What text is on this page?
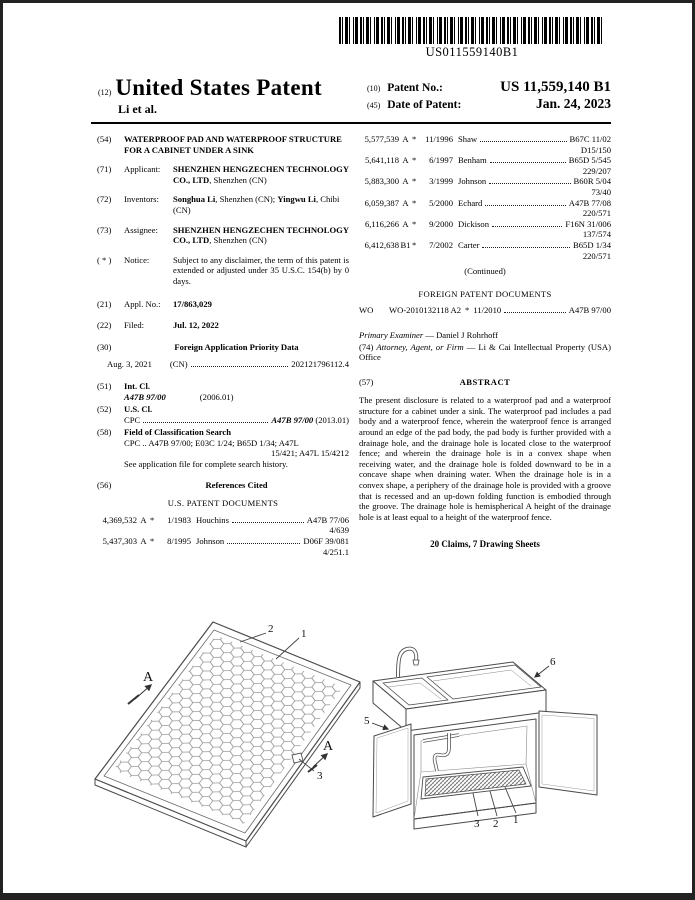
US011559140B1
(12) United States Patent
Li et al.
(10) Patent No.:	US 11,559,140 B1
(45) Date of Patent:	Jan. 24, 2023
(54)	WATERPROOF PAD AND WATERPROOF STRUCTURE FOR A CABINET UNDER A SINK
(71)	Applicant:	SHENZHEN HENGZECHEN TECHNOLOGY CO., LTD, Shenzhen (CN)
(72)	Inventors:	Songhua Li, Shenzhen (CN); Yingwu Li, Chibi (CN)
(73)	Assignee:	SHENZHEN HENGZECHEN TECHNOLOGY CO., LTD, Shenzhen (CN)
( * )	Notice:	Subject to any disclaimer, the term of this patent is extended or adjusted under 35 U.S.C. 154(b) by 0 days.
(21)	Appl. No.:	17/863,029
(22)	Filed:	Jul. 12, 2022
(30)	Foreign Application Priority Data
Aug. 3, 2021 (CN)	202121796112.4
(51)	Int. Cl.
A47B 97/00	(2006.01)
(52)	U.S. Cl.
CPC	A47B 97/00 (2013.01)
(58)	Field of Classification Search
CPC .. A47B 97/00; E03C 1/24; B65D 1/34; A47L
15/421; A47L 15/4212
See application file for complete search history.
(56)	References Cited
U.S. PATENT DOCUMENTS
4,369,532 A *	1/1983 Houchins	A47B 77/06
4/639
5,437,303 A *	8/1995 Johnson	D06F 39/081
4/251.1
5,577,539 A *	11/1996 Shaw	B67C 11/02
D15/150
5,641,118 A *	6/1997 Benham	B65D 5/545
229/207
5,883,300 A *	3/1999 Johnson	B60R 5/04
73/40
6,059,387 A *	5/2000 Echard	A47B 77/08
220/571
6,116,266 A *	9/2000 Dickison	F16N 31/006
137/574
6,412,638 B1 *	7/2002 Carter	B65D 1/34
220/571
(Continued)
FOREIGN PATENT DOCUMENTS
WO	WO-2010132118 A2 * 11/2010	A47B 97/00
Primary Examiner — Daniel J Rohrhoff
(74) Attorney, Agent, or Firm — Li & Cai Intellectual Property (USA) Office
(57)	ABSTRACT
The present disclosure is related to a waterproof pad and a waterproof structure for a cabinet under a sink. The waterproof pad includes a pad body and a waterproof fence, wherein the waterproof fence is arranged around an edge of the pad body, the pad body is further provided with a drainage hole, and the drainage hole is located close to the waterproof fence; and wherein the drainage hole is in a convex shape when receiving water, and the drainage hole is folded downward to be in a concave shape when draining water. When the drainage hole is in a convex shape, a periphery of the drainage hole is provided with a groove that is recessed and an up-down folding function is embodied through the groove. The drainage hole is hemispherical A height of the drainage hole is at least equal to a height of the waterproof fence.
20 Claims, 7 Drawing Sheets
2	1
3
A
A
6
5
3 2 1
